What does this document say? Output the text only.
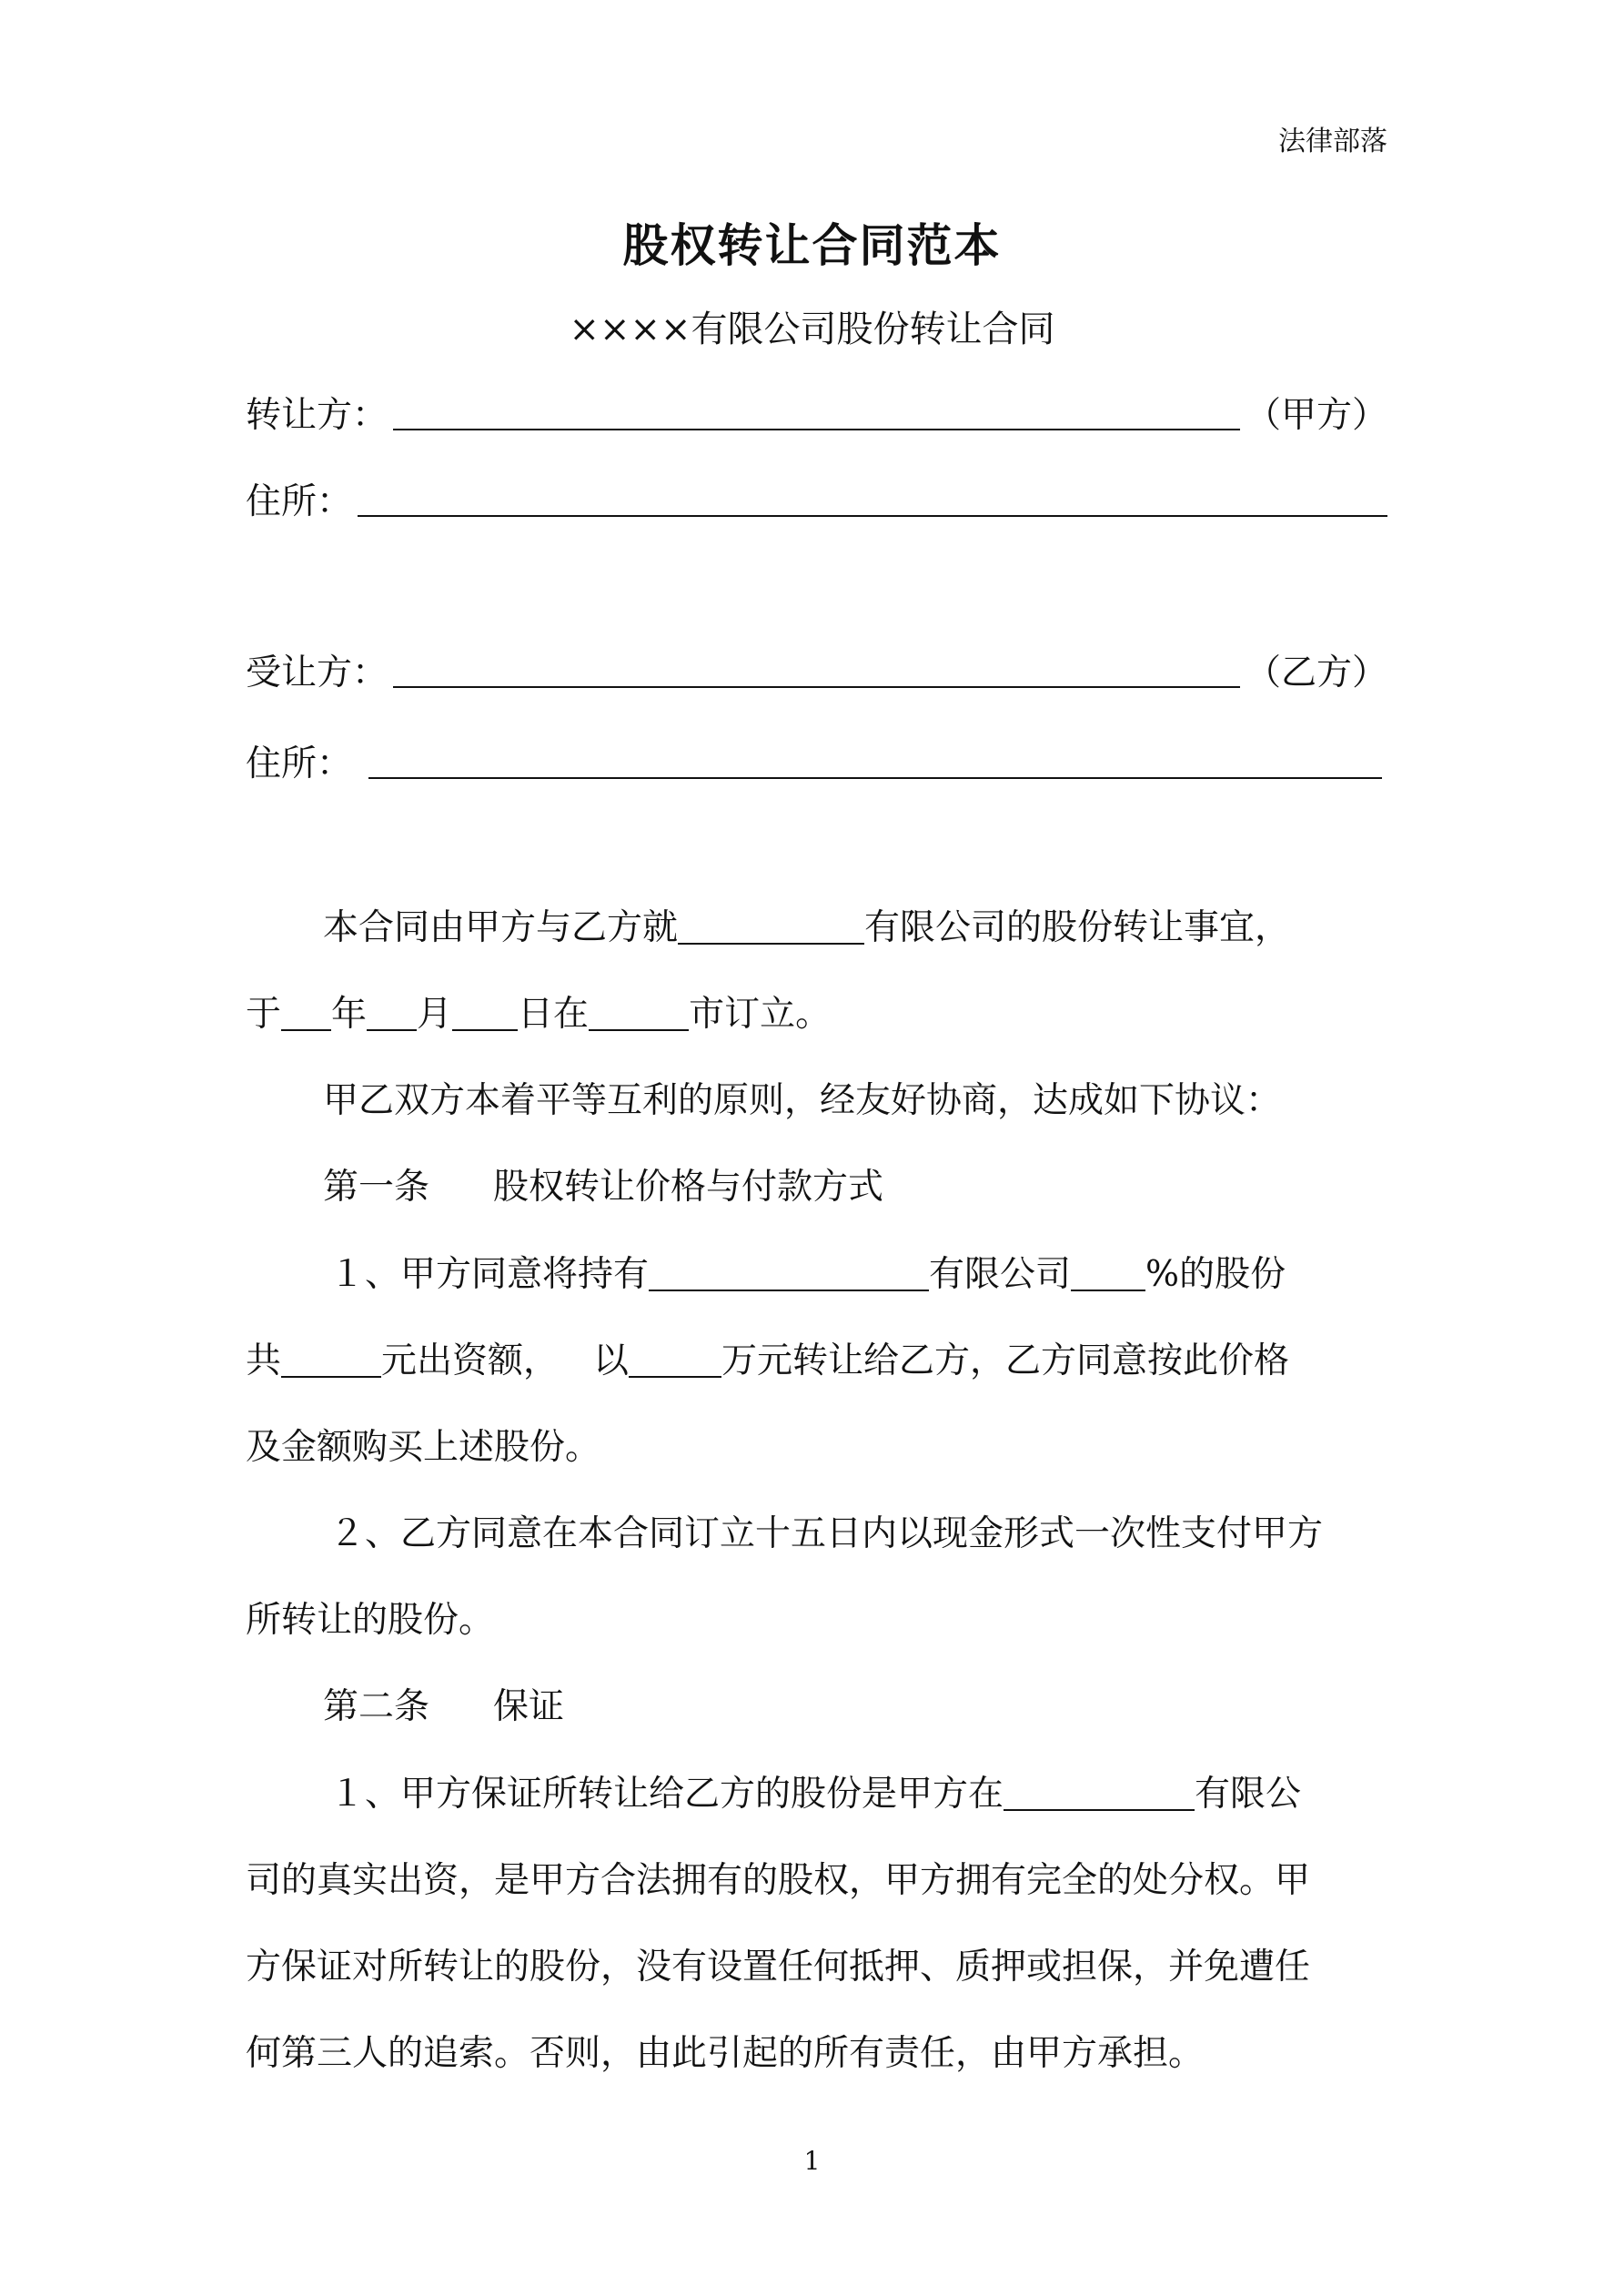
法律部落
股权转让合同范本
××××有限公司股份转让合同
转让方：	（甲方）
住所：
受让方：	（乙方）
住所：
本合同由甲方与乙方就	有限公司的股份转让事宜，
于 年 月 日在	市订立。
甲乙双方本着平等互利的原则，经友好协商，达成如下协议：
第一条 股权转让价格与付款方式
１、甲方同意将持有	有限公司 %的股份
共	元出资额， 以	万元转让给乙方，乙方同意按此价格
及金额购买上述股份。
２、乙方同意在本合同订立十五日内以现金形式一次性支付甲方
所转让的股份。
第二条 保证
１、甲方保证所转让给乙方的股份是甲方在	有限公
司的真实出资，是甲方合法拥有的股权，甲方拥有完全的处分权。甲
方保证对所转让的股份，没有设置任何抵押、质押或担保，并免遭任
何第三人的追索。否则，由此引起的所有责任，由甲方承担。
1
